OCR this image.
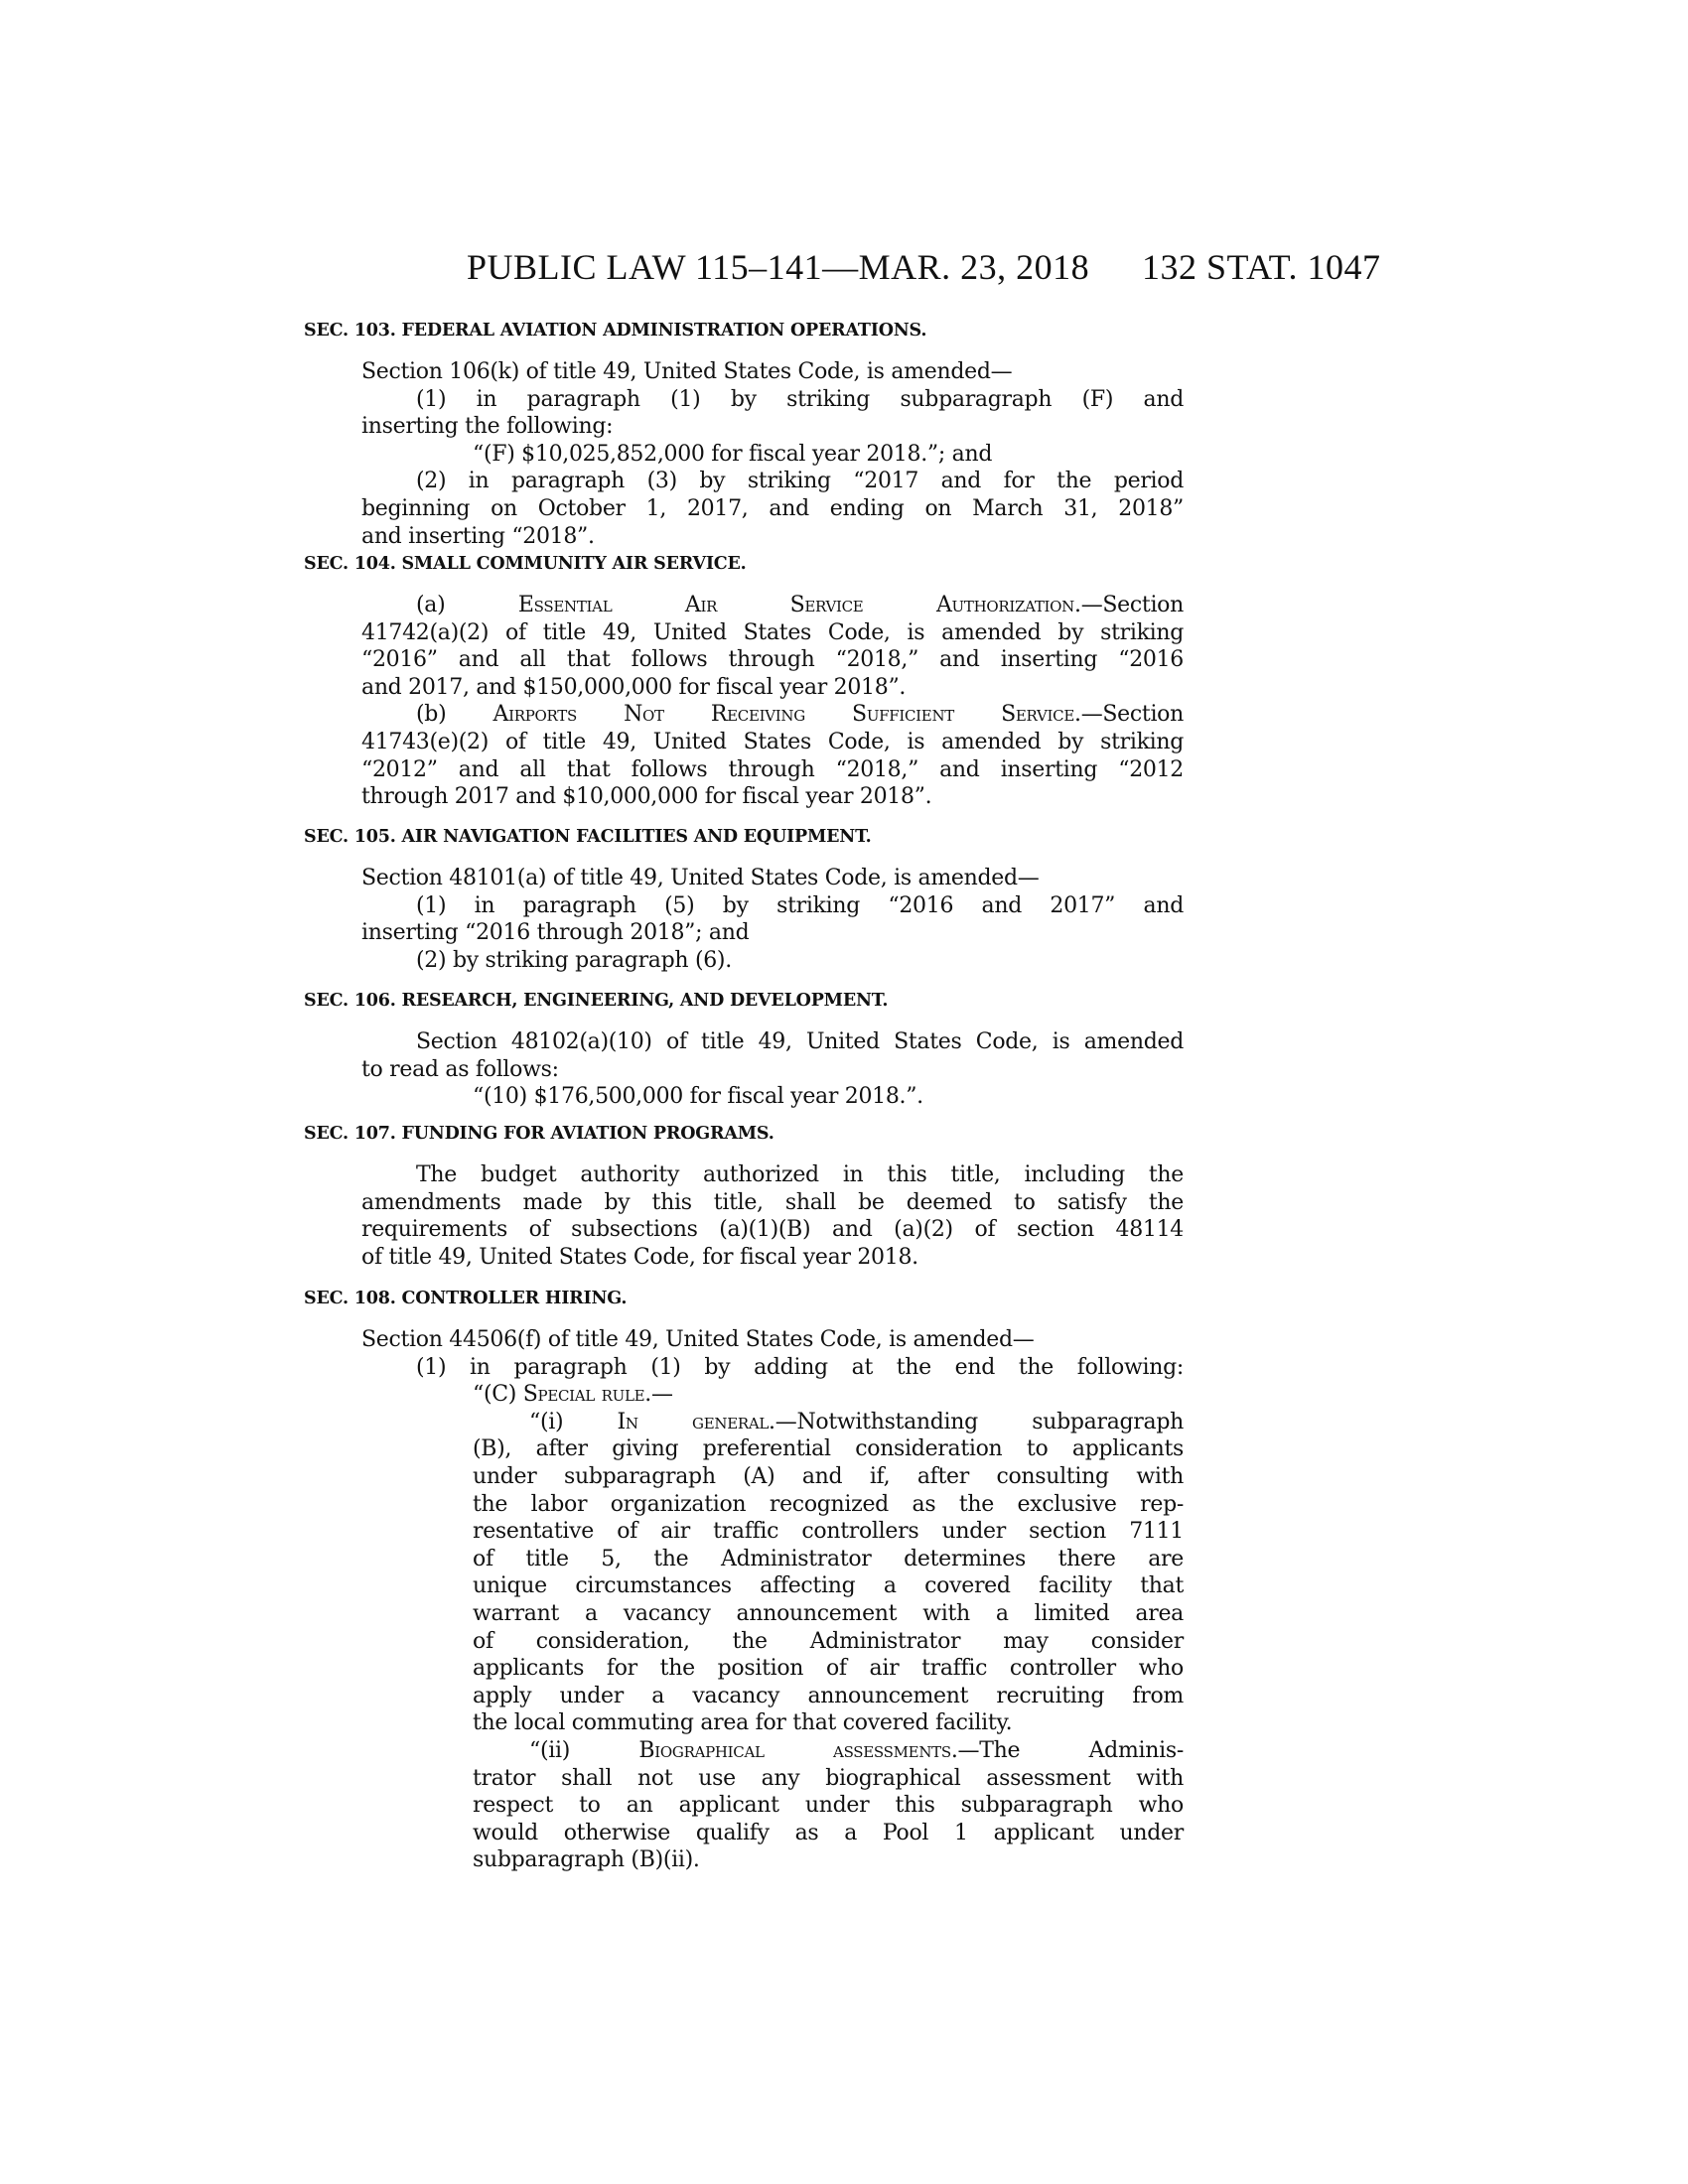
PUBLIC LAW 115–141—MAR. 23, 2018 132 STAT. 1047
SEC. 103. FEDERAL AVIATION ADMINISTRATION OPERATIONS.
Section 106(k) of title 49, United States Code, is amended—
(1) in paragraph (1) by striking subparagraph (F) and
inserting the following:
“(F) $10,025,852,000 for fiscal year 2018.”; and
(2) in paragraph (3) by striking “2017 and for the period
beginning on October 1, 2017, and ending on March 31, 2018”
and inserting “2018”.
SEC. 104. SMALL COMMUNITY AIR SERVICE.
(a)	Essential Air Service Authorization.—Section
41742(a)(2) of title 49, United States Code, is amended by striking
“2016” and all that follows through “2018,” and inserting “2016
and 2017, and $150,000,000 for fiscal year 2018”.
(b) Airports Not Receiving Sufficient Service.—Section
41743(e)(2) of title 49, United States Code, is amended by striking
“2012” and all that follows through “2018,” and inserting “2012
through 2017 and $10,000,000 for fiscal year 2018”.
SEC. 105. AIR NAVIGATION FACILITIES AND EQUIPMENT.
Section 48101(a) of title 49, United States Code, is amended—
(1) in paragraph (5) by striking “2016 and 2017” and
inserting “2016 through 2018”; and
(2) by striking paragraph (6).
SEC. 106. RESEARCH, ENGINEERING, AND DEVELOPMENT.
Section 48102(a)(10) of title 49, United States Code, is amended
to read as follows:
“(10) $176,500,000 for fiscal year 2018.”.
SEC. 107. FUNDING FOR AVIATION PROGRAMS.
The budget authority authorized in this title, including the
amendments made by this title, shall be deemed to satisfy the
requirements of subsections (a)(1)(B) and (a)(2) of section 48114
of title 49, United States Code, for fiscal year 2018.
SEC. 108. CONTROLLER HIRING.
Section 44506(f) of title 49, United States Code, is amended—
(1) in paragraph (1) by adding at the end the following:
“(C) Special rule.—
“(i) In general.—Notwithstanding subparagraph
(B), after giving preferential consideration to applicants
under subparagraph (A) and if, after consulting with
the labor organization recognized as the exclusive rep-
resentative of air traffic controllers under section 7111
of title 5, the Administrator determines there are
unique circumstances affecting a covered facility that
warrant a vacancy announcement with a limited area
of consideration, the Administrator may consider
applicants for the position of air traffic controller who
apply under a vacancy announcement recruiting from
the local commuting area for that covered facility.
“(ii) Biographical assessments.—The Adminis-
trator shall not use any biographical assessment with
respect to an applicant under this subparagraph who
would otherwise qualify as a Pool 1 applicant under
subparagraph (B)(ii).
